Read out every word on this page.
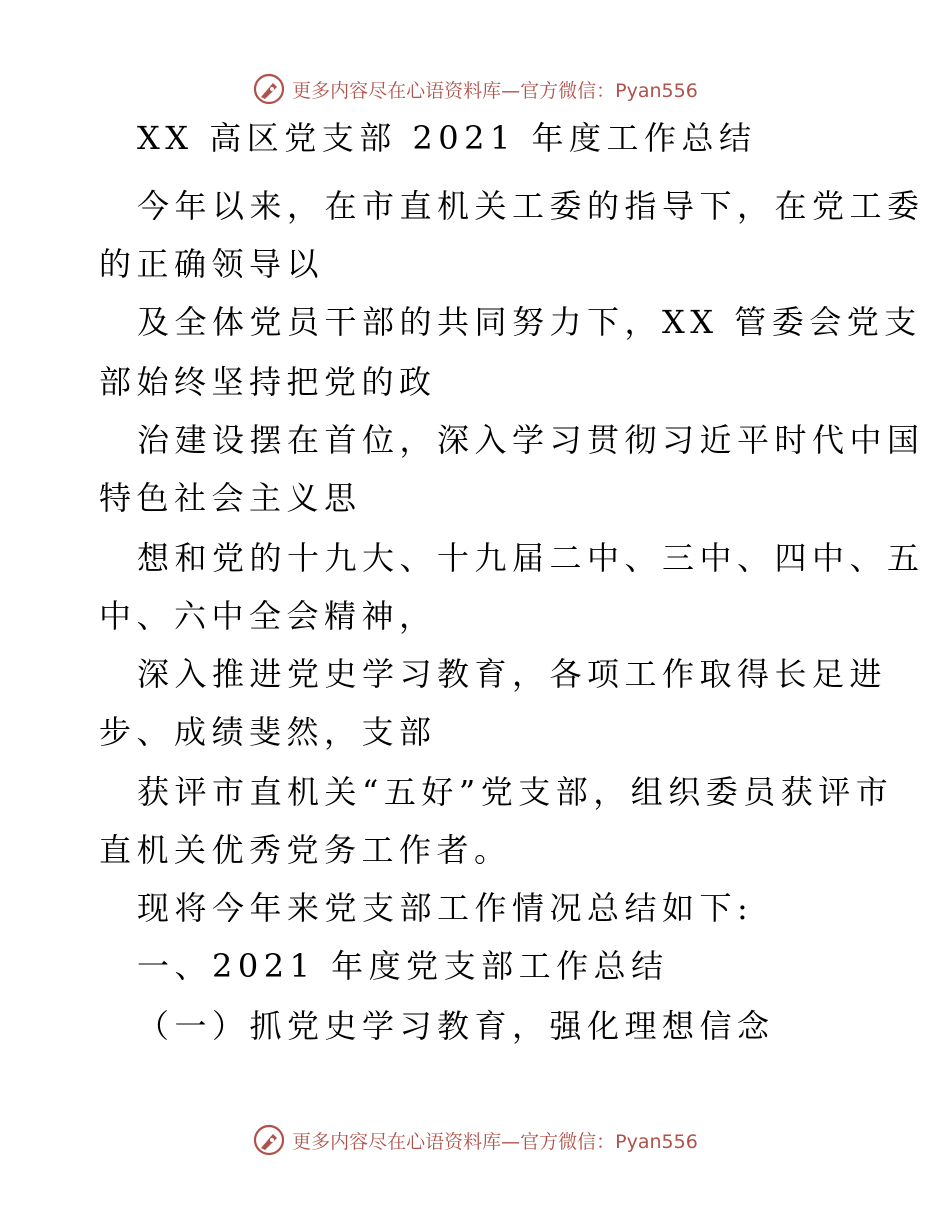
更多内容尽在心语资料库—官方微信：Pyan556
XX 高区党支部 2021 年度工作总结
今年以来，在市直机关工委的指导下，在党工委
的正确领导以
及全体党员干部的共同努力下，XX 管委会党支
部始终坚持把党的政
治建设摆在首位，深入学习贯彻习近平时代中国
特色社会主义思
想和党的十九大、十九届二中、三中、四中、五
中、六中全会精神，
深入推进党史学习教育，各项工作取得长足进
步、成绩斐然，支部
获评市直机关“五好”党支部，组织委员获评市
直机关优秀党务工作者。
现将今年来党支部工作情况总结如下:
一、2021 年度党支部工作总结
（一）抓党史学习教育，强化理想信念
更多内容尽在心语资料库—官方微信：Pyan556
